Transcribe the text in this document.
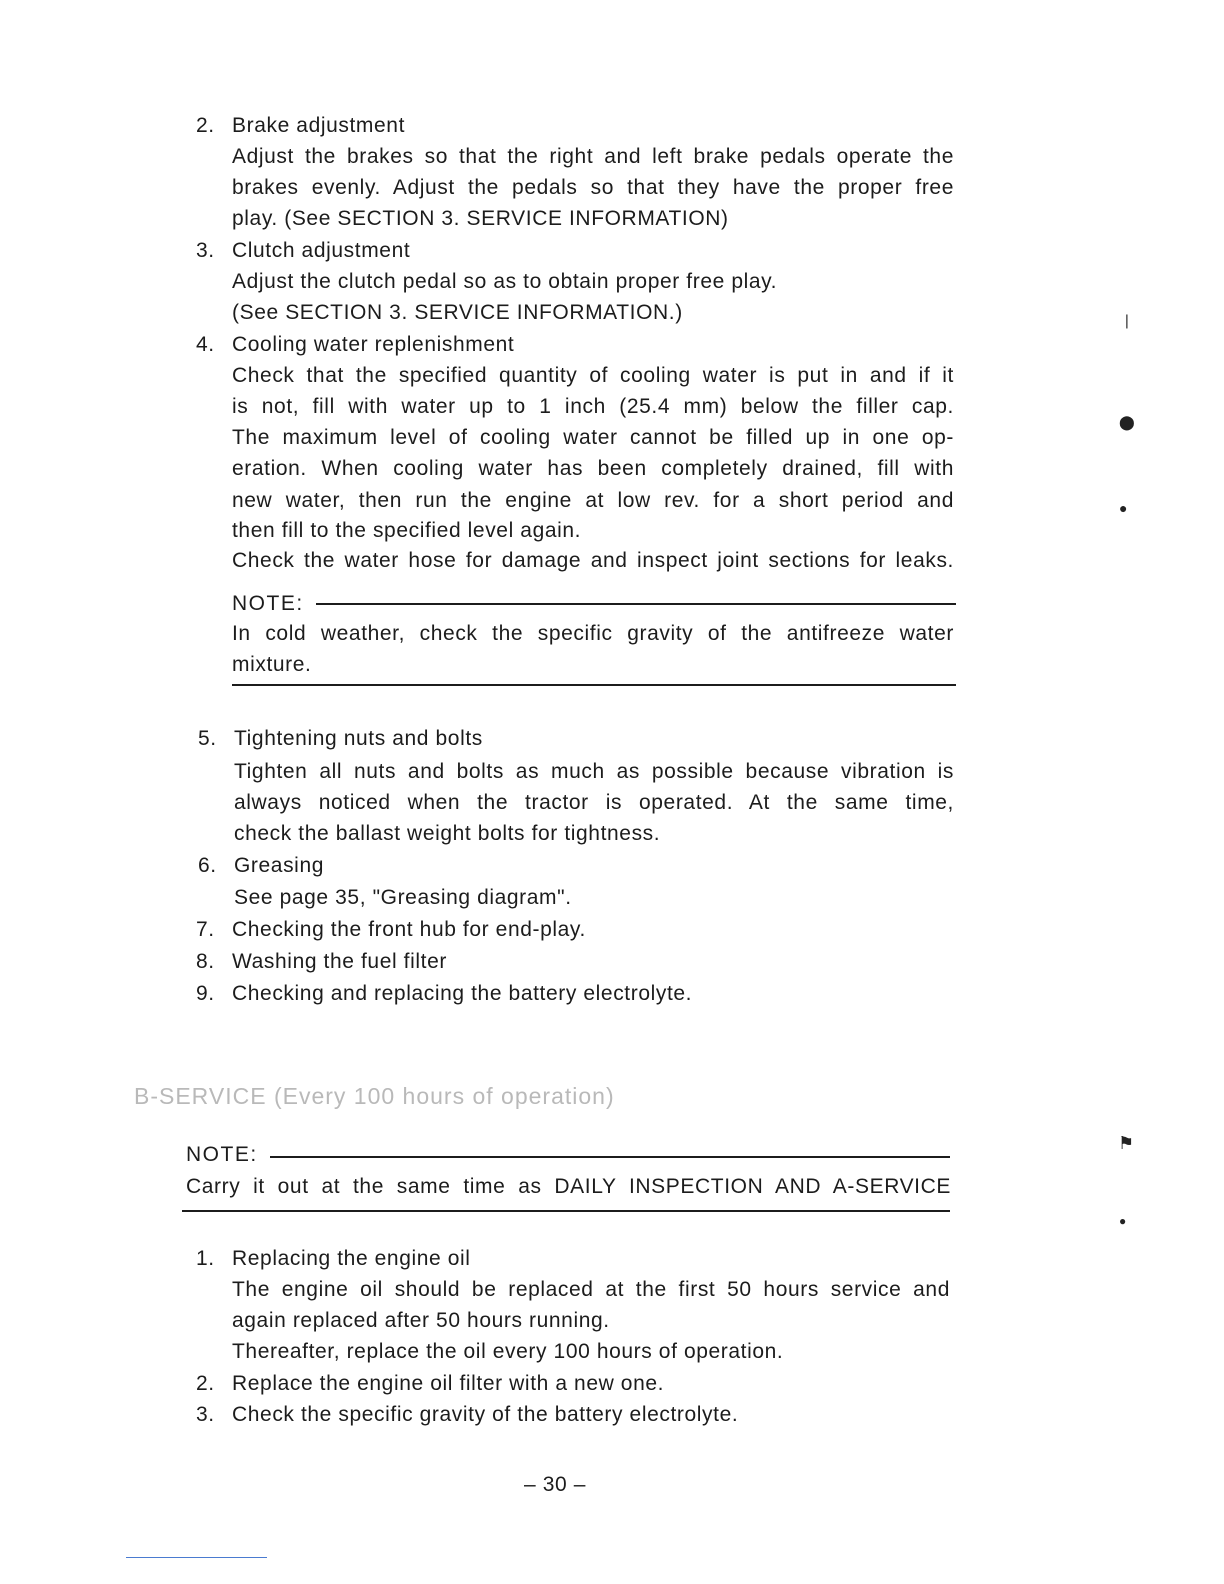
2. Brake adjustment
Adjust the brakes so that the right and left brake pedals operate the
brakes evenly. Adjust the pedals so that they have the proper free
play. (See SECTION 3. SERVICE INFORMATION)
3. Clutch adjustment
Adjust the clutch pedal so as to obtain proper free play.
(See SECTION 3. SERVICE INFORMATION.)
4. Cooling water replenishment
Check that the specified quantity of cooling water is put in and if it
is not, fill with water up to 1 inch (25.4 mm) below the filler cap.
The maximum level of cooling water cannot be filled up in one op-
eration. When cooling water has been completely drained, fill with
new water, then run the engine at low rev. for a short period and
then fill to the specified level again.
Check the water hose for damage and inspect joint sections for leaks.
NOTE:
In cold weather, check the specific gravity of the antifreeze water
mixture.
5. Tightening nuts and bolts
Tighten all nuts and bolts as much as possible because vibration is
always noticed when the tractor is operated. At the same time,
check the ballast weight bolts for tightness.
6. Greasing
See page 35, "Greasing diagram".
7. Checking the front hub for end-play.
8. Washing the fuel filter
9. Checking and replacing the battery electrolyte.
B-SERVICE (Every 100 hours of operation)
NOTE:
Carry it out at the same time as DAILY INSPECTION AND A-SERVICE
1. Replacing the engine oil
The engine oil should be replaced at the first 50 hours service and
again replaced after 50 hours running.
Thereafter, replace the oil every 100 hours of operation.
2. Replace the engine oil filter with a new one.
3. Check the specific gravity of the battery electrolyte.
– 30 –
❘
⬤
●
⚑
●
